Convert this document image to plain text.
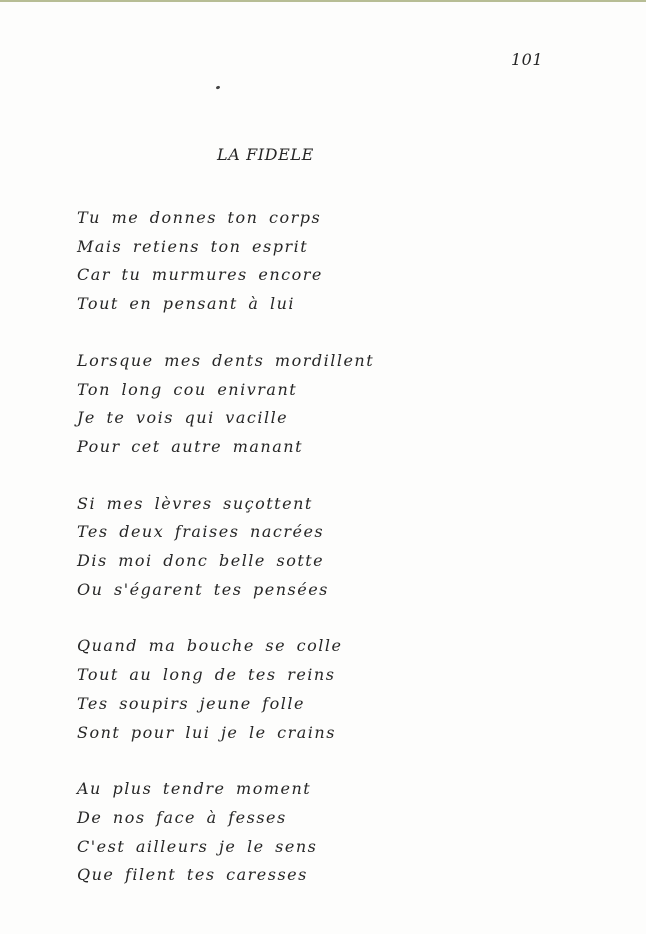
101
LA FIDELE
Tu me donnes ton corps
Mais retiens ton esprit
Car tu murmures encore
Tout en pensant à lui
Lorsque mes dents mordillent
Ton long cou enivrant
Je te vois qui vacille
Pour cet autre manant
Si mes lèvres suçottent
Tes deux fraises nacrées
Dis moi donc belle sotte
Ou s'égarent tes pensées
Quand ma bouche se colle
Tout au long de tes reins
Tes soupirs jeune folle
Sont pour lui je le crains
Au plus tendre moment
De nos face à fesses
C'est ailleurs je le sens
Que filent tes caresses
